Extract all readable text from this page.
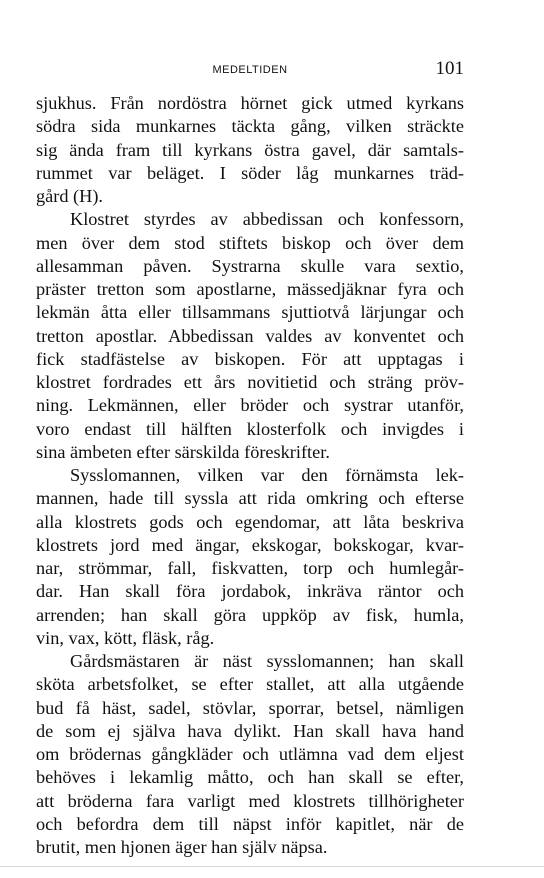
MEDELTIDEN	101
sjukhus. Från nordöstra hörnet gick utmed kyrkans
södra sida munkarnes täckta gång, vilken sträckte
sig ända fram till kyrkans östra gavel, där samtals-
rummet var beläget. I söder låg munkarnes träd-
gård (H).
Klostret styrdes av abbedissan och konfessorn,
men över dem stod stiftets biskop och över dem
allesamman påven. Systrarna skulle vara sextio,
präster tretton som apostlarne, mässedjäknar fyra och
lekmän åtta eller tillsammans sjuttiotvå lärjungar och
tretton apostlar. Abbedissan valdes av konventet och
fick stadfästelse av biskopen. För att upptagas i
klostret fordrades ett års novitietid och sträng pröv-
ning. Lekmännen, eller bröder och systrar utanför,
voro endast till hälften klosterfolk och invigdes i
sina ämbeten efter särskilda föreskrifter.
Sysslomannen, vilken var den förnämsta lek-
mannen, hade till syssla att rida omkring och efterse
alla klostrets gods och egendomar, att låta beskriva
klostrets jord med ängar, ekskogar, bokskogar, kvar-
nar, strömmar, fall, fiskvatten, torp och humlegår-
dar. Han skall föra jordabok, inkräva räntor och
arrenden; han skall göra uppköp av fisk, humla,
vin, vax, kött, fläsk, råg.
Gårdsmästaren är näst sysslomannen; han skall
sköta arbetsfolket, se efter stallet, att alla utgående
bud få häst, sadel, stövlar, sporrar, betsel, nämligen
de som ej själva hava dylikt. Han skall hava hand
om brödernas gångkläder och utlämna vad dem eljest
behöves i lekamlig måtto, och han skall se efter,
att bröderna fara varligt med klostrets tillhörigheter
och befordra dem till näpst inför kapitlet, när de
brutit, men hjonen äger han själv näpsa.
